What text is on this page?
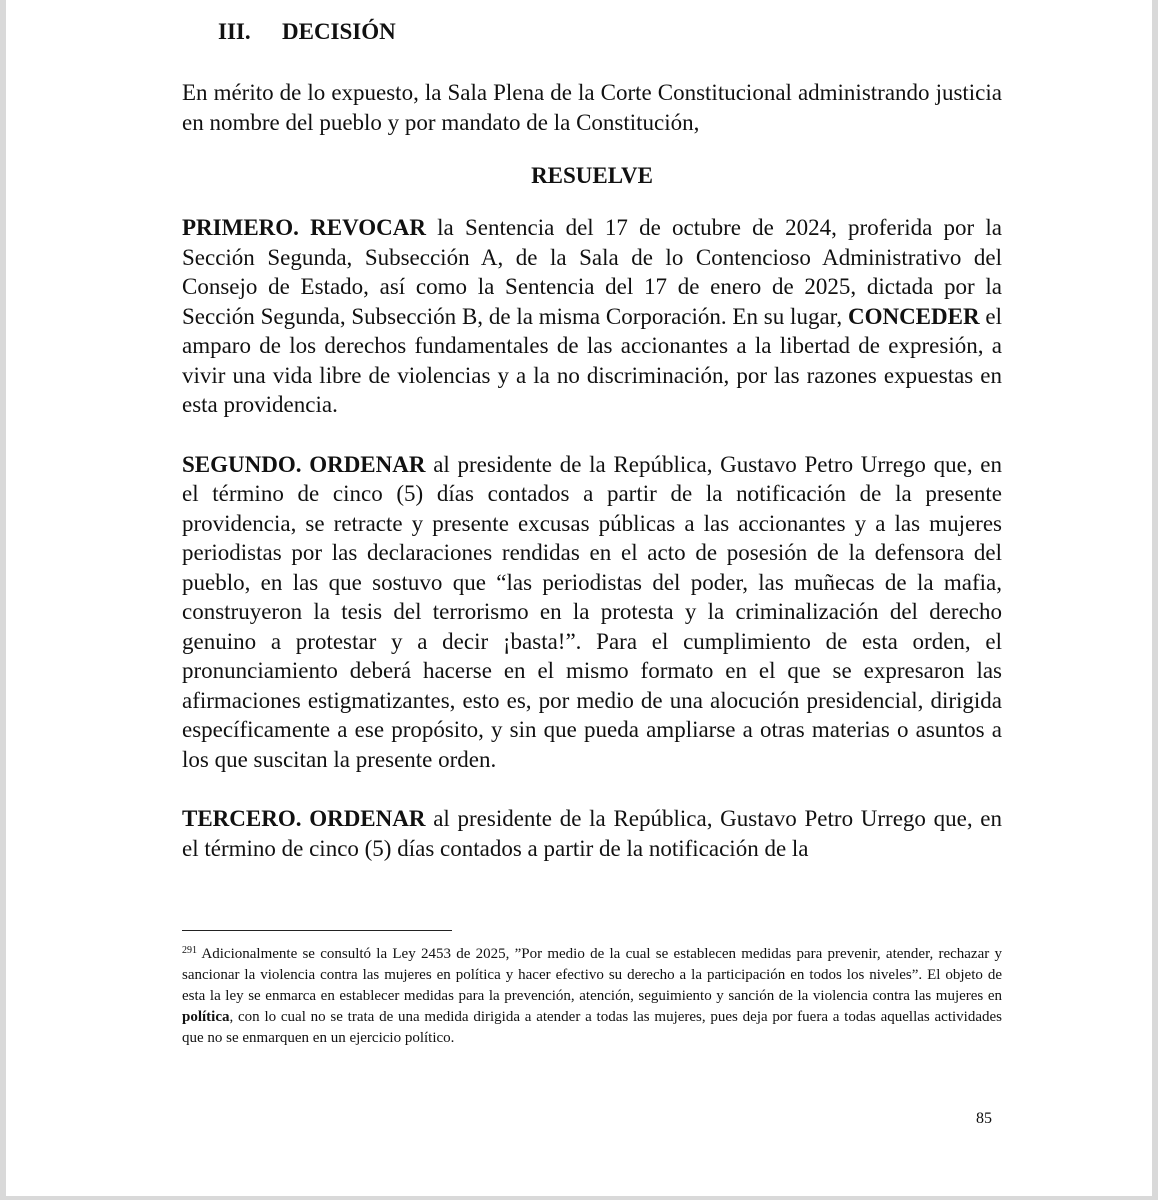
III. DECISIÓN

En mérito de lo expuesto, la Sala Plena de la Corte Constitucional administrando justicia en nombre del pueblo y por mandato de la Constitución,

RESUELVE

PRIMERO. REVOCAR la Sentencia del 17 de octubre de 2024, proferida por la Sección Segunda, Subsección A, de la Sala de lo Contencioso Administrativo del Consejo de Estado, así como la Sentencia del 17 de enero de 2025, dictada por la Sección Segunda, Subsección B, de la misma Corporación. En su lugar, CONCEDER el amparo de los derechos fundamentales de las accionantes a la libertad de expresión, a vivir una vida libre de violencias y a la no discriminación, por las razones expuestas en esta providencia.

SEGUNDO. ORDENAR al presidente de la República, Gustavo Petro Urrego que, en el término de cinco (5) días contados a partir de la notificación de la presente providencia, se retracte y presente excusas públicas a las accionantes y a las mujeres periodistas por las declaraciones rendidas en el acto de posesión de la defensora del pueblo, en las que sostuvo que “las periodistas del poder, las muñecas de la mafia, construyeron la tesis del terrorismo en la protesta y la criminalización del derecho genuino a protestar y a decir ¡basta!”. Para el cumplimiento de esta orden, el pronunciamiento deberá hacerse en el mismo formato en el que se expresaron las afirmaciones estigmatizantes, esto es, por medio de una alocución presidencial, dirigida específicamente a ese propósito, y sin que pueda ampliarse a otras materias o asuntos a los que suscitan la presente orden.

TERCERO. ORDENAR al presidente de la República, Gustavo Petro Urrego que, en el término de cinco (5) días contados a partir de la notificación de la

$^{291}$ Adicionalmente se consultó la Ley 2453 de 2025, ”Por medio de la cual se establecen medidas para prevenir, atender, rechazar y sancionar la violencia contra las mujeres en política y hacer efectivo su derecho a la participación en todos los niveles”. El objeto de esta la ley se enmarca en establecer medidas para la prevención, atención, seguimiento y sanción de la violencia contra las mujeres en política, con lo cual no se trata de una medida dirigida a atender a todas las mujeres, pues deja por fuera a todas aquellas actividades que no se enmarquen en un ejercicio político.
85
